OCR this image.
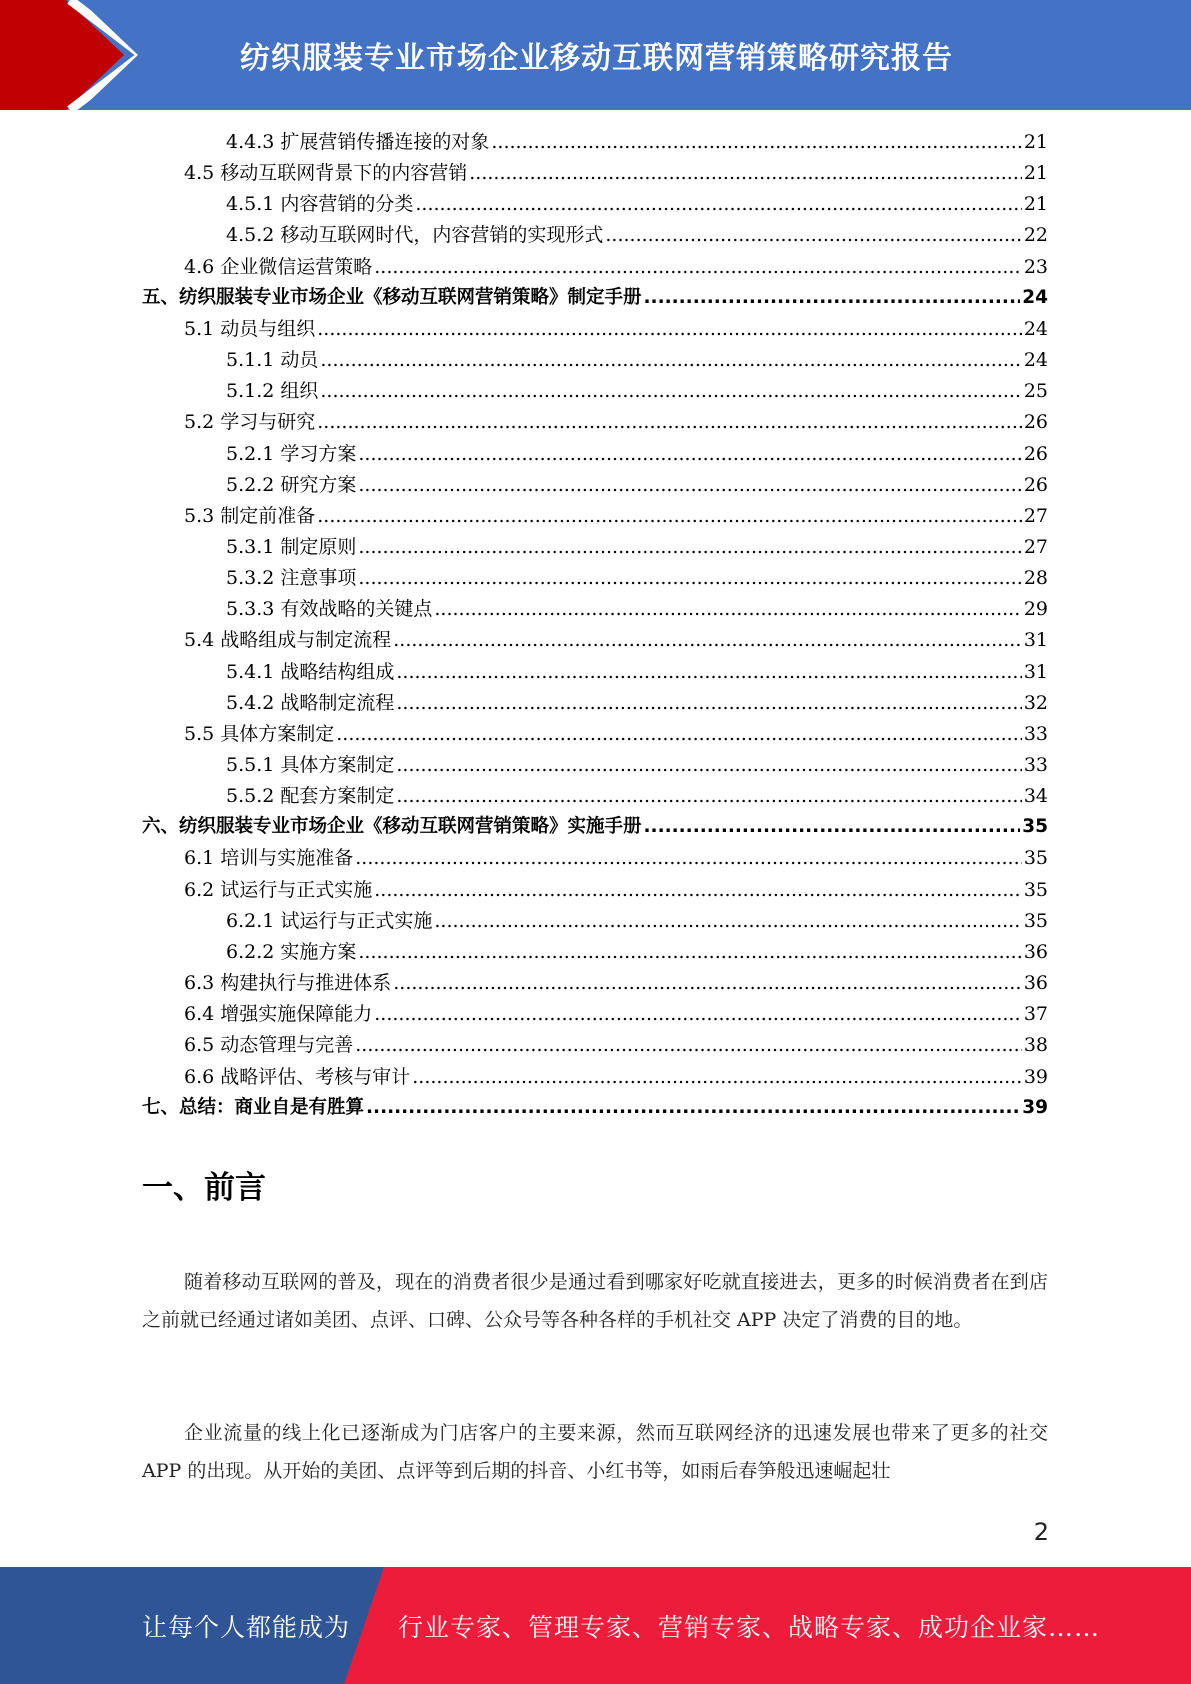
纺织服装专业市场企业移动互联网营销策略研究报告
4.4.3 扩展营销传播连接的对象 .....	21
4.5 移动互联网背景下的内容营销 .....	21
4.5.1 内容营销的分类 .....	21
4.5.2 移动互联网时代，内容营销的实现形式 .....	22
4.6 企业微信运营策略 .....	23
五、纺织服装专业市场企业《移动互联网营销策略》制定手册 .....	24
5.1 动员与组织 .....	24
5.1.1 动员 .....	24
5.1.2 组织 .....	25
5.2 学习与研究 .....	26
5.2.1 学习方案 .....	26
5.2.2 研究方案 .....	26
5.3 制定前准备 .....	27
5.3.1 制定原则 .....	27
5.3.2 注意事项 .....	28
5.3.3 有效战略的关键点 .....	29
5.4 战略组成与制定流程 .....	31
5.4.1 战略结构组成 .....	31
5.4.2 战略制定流程 .....	32
5.5 具体方案制定 .....	33
5.5.1 具体方案制定 .....	33
5.5.2 配套方案制定 .....	34
六、纺织服装专业市场企业《移动互联网营销策略》实施手册 .....	35
6.1 培训与实施准备 .....	35
6.2 试运行与正式实施 .....	35
6.2.1 试运行与正式实施 .....	35
6.2.2 实施方案 .....	36
6.3 构建执行与推进体系 .....	36
6.4 增强实施保障能力 .....	37
6.5 动态管理与完善 .....	38
6.6 战略评估、考核与审计 .....	39
七、总结：商业自是有胜算 .....	39
一、前言
随着移动互联网的普及，现在的消费者很少是通过看到哪家好吃就直接进去，更多的时候消费者在到店之前就已经通过诸如美团、点评、口碑、公众号等各种各样的手机社交 APP 决定了消费的目的地。
企业流量的线上化已逐渐成为门店客户的主要来源，然而互联网经济的迅速发展也带来了更多的社交 APP 的出现。从开始的美团、点评等到后期的抖音、小红书等，如雨后春笋般迅速崛起壮
2
让每个人都能成为 行业专家、管理专家、营销专家、战略专家、成功企业家……
